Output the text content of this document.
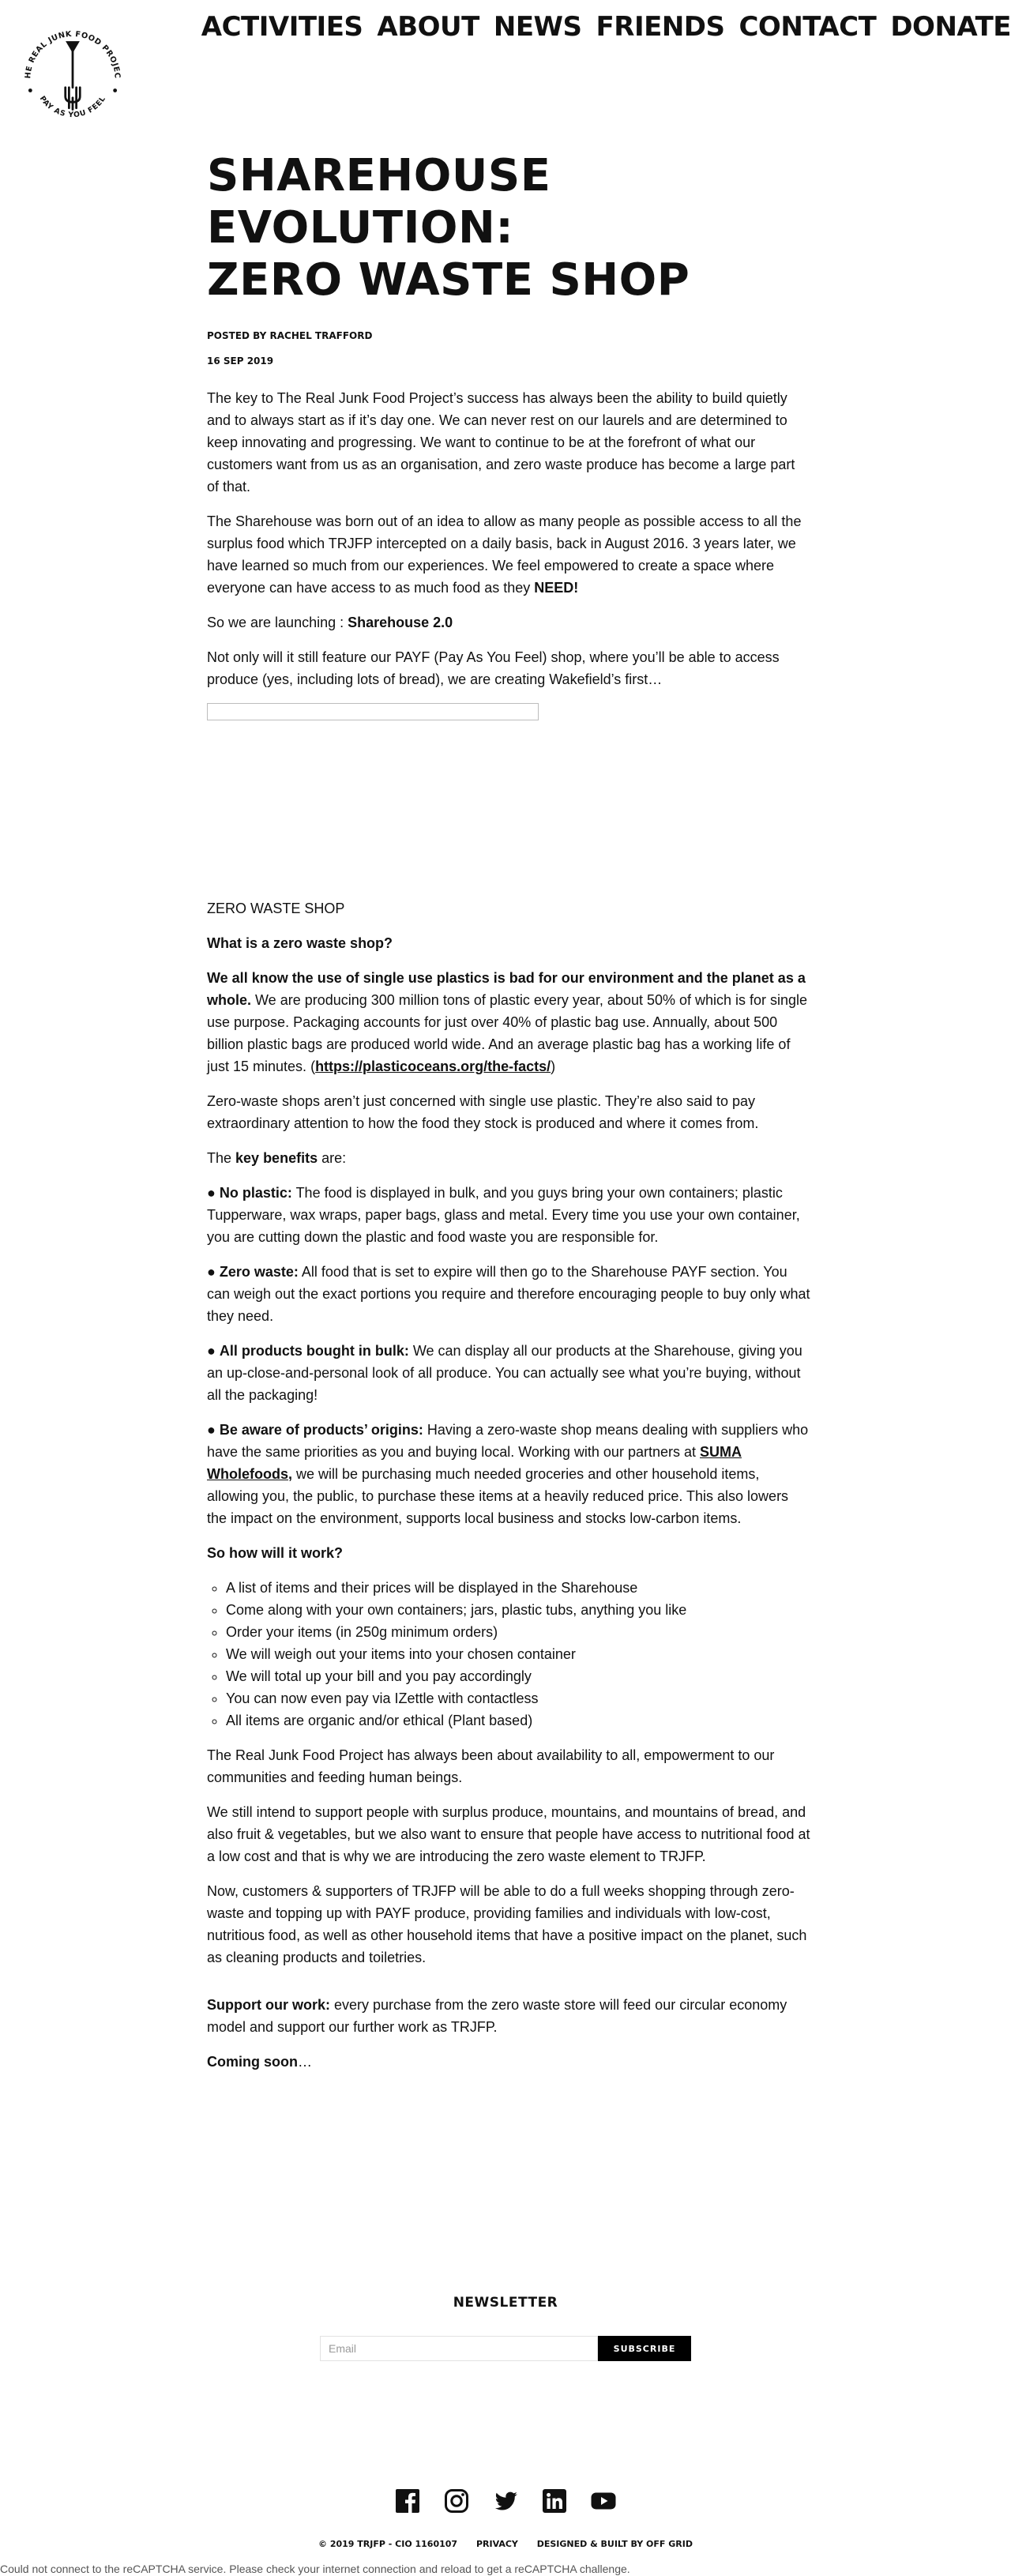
HE REAL JUNK FOOD PROJEC
PAY AS YOU FEEL
ACTIVITIES ABOUT NEWS FRIENDS CONTACT DONATE
SHAREHOUSE EVOLUTION:
ZERO WASTE SHOP
POSTED BY RACHEL TRAFFORD
16 SEP 2019

The key to The Real Junk Food Project’s success has always been the ability to build quietly and to always start as if it’s day one. We can never rest on our laurels and are determined to keep innovating and progressing. We want to continue to be at the forefront of what our customers want from us as an organisation, and zero waste produce has become a large part of that.

The Sharehouse was born out of an idea to allow as many people as possible access to all the surplus food which TRJFP intercepted on a daily basis, back in August 2016. 3 years later, we have learned so much from our experiences. We feel empowered to create a space where everyone can have access to as much food as they NEED!

So we are launching : Sharehouse 2.0

Not only will it still feature our PAYF (Pay As You Feel) shop, where you’ll be able to access produce (yes, including lots of bread), we are creating Wakefield’s first…

ZERO WASTE SHOP

What is a zero waste shop?

We all know the use of single use plastics is bad for our environment and the planet as a whole. We are producing 300 million tons of plastic every year, about 50% of which is for single use purpose. Packaging accounts for just over 40% of plastic bag use. Annually, about 500 billion plastic bags are produced world wide. And an average plastic bag has a working life of just 15 minutes. (https://plasticoceans.org/the-facts/)

Zero-waste shops aren’t just concerned with single use plastic. They’re also said to pay extraordinary attention to how the food they stock is produced and where it comes from.

The key benefits are:

● No plastic: The food is displayed in bulk, and you guys bring your own containers; plastic Tupperware, wax wraps, paper bags, glass and metal. Every time you use your own container, you are cutting down the plastic and food waste you are responsible for.

● Zero waste: All food that is set to expire will then go to the Sharehouse PAYF section. You can weigh out the exact portions you require and therefore encouraging people to buy only what they need.

● All products bought in bulk: We can display all our products at the Sharehouse, giving you an up-close-and-personal look of all produce. You can actually see what you’re buying, without all the packaging!

● Be aware of products’ origins: Having a zero-waste shop means dealing with suppliers who have the same priorities as you and buying local. Working with our partners at SUMA Wholefoods, we will be purchasing much needed groceries and other household items, allowing you, the public, to purchase these items at a heavily reduced price. This also lowers the impact on the environment, supports local business and stocks low-carbon items.

So how will it work?

◦ A list of items and their prices will be displayed in the Sharehouse
◦ Come along with your own containers; jars, plastic tubs, anything you like
◦ Order your items (in 250g minimum orders)
◦ We will weigh out your items into your chosen container
◦ We will total up your bill and you pay accordingly
◦ You can now even pay via IZettle with contactless
◦ All items are organic and/or ethical (Plant based)

The Real Junk Food Project has always been about availability to all, empowerment to our communities and feeding human beings.

We still intend to support people with surplus produce, mountains, and mountains of bread, and also fruit & vegetables, but we also want to ensure that people have access to nutritional food at a low cost and that is why we are introducing the zero waste element to TRJFP.

Now, customers & supporters of TRJFP will be able to do a full weeks shopping through zero-waste and topping up with PAYF produce, providing families and individuals with low-cost, nutritious food, as well as other household items that have a positive impact on the planet, such as cleaning products and toiletries.

Support our work: every purchase from the zero waste store will feed our circular economy model and support our further work as TRJFP.

Coming soon…

NEWSLETTER
Email
SUBSCRIBE
© 2019 TRJFP - CIO 1160107 PRIVACY DESIGNED & BUILT BY OFF GRID
Could not connect to the reCAPTCHA service. Please check your internet connection and reload to get a reCAPTCHA challenge.
